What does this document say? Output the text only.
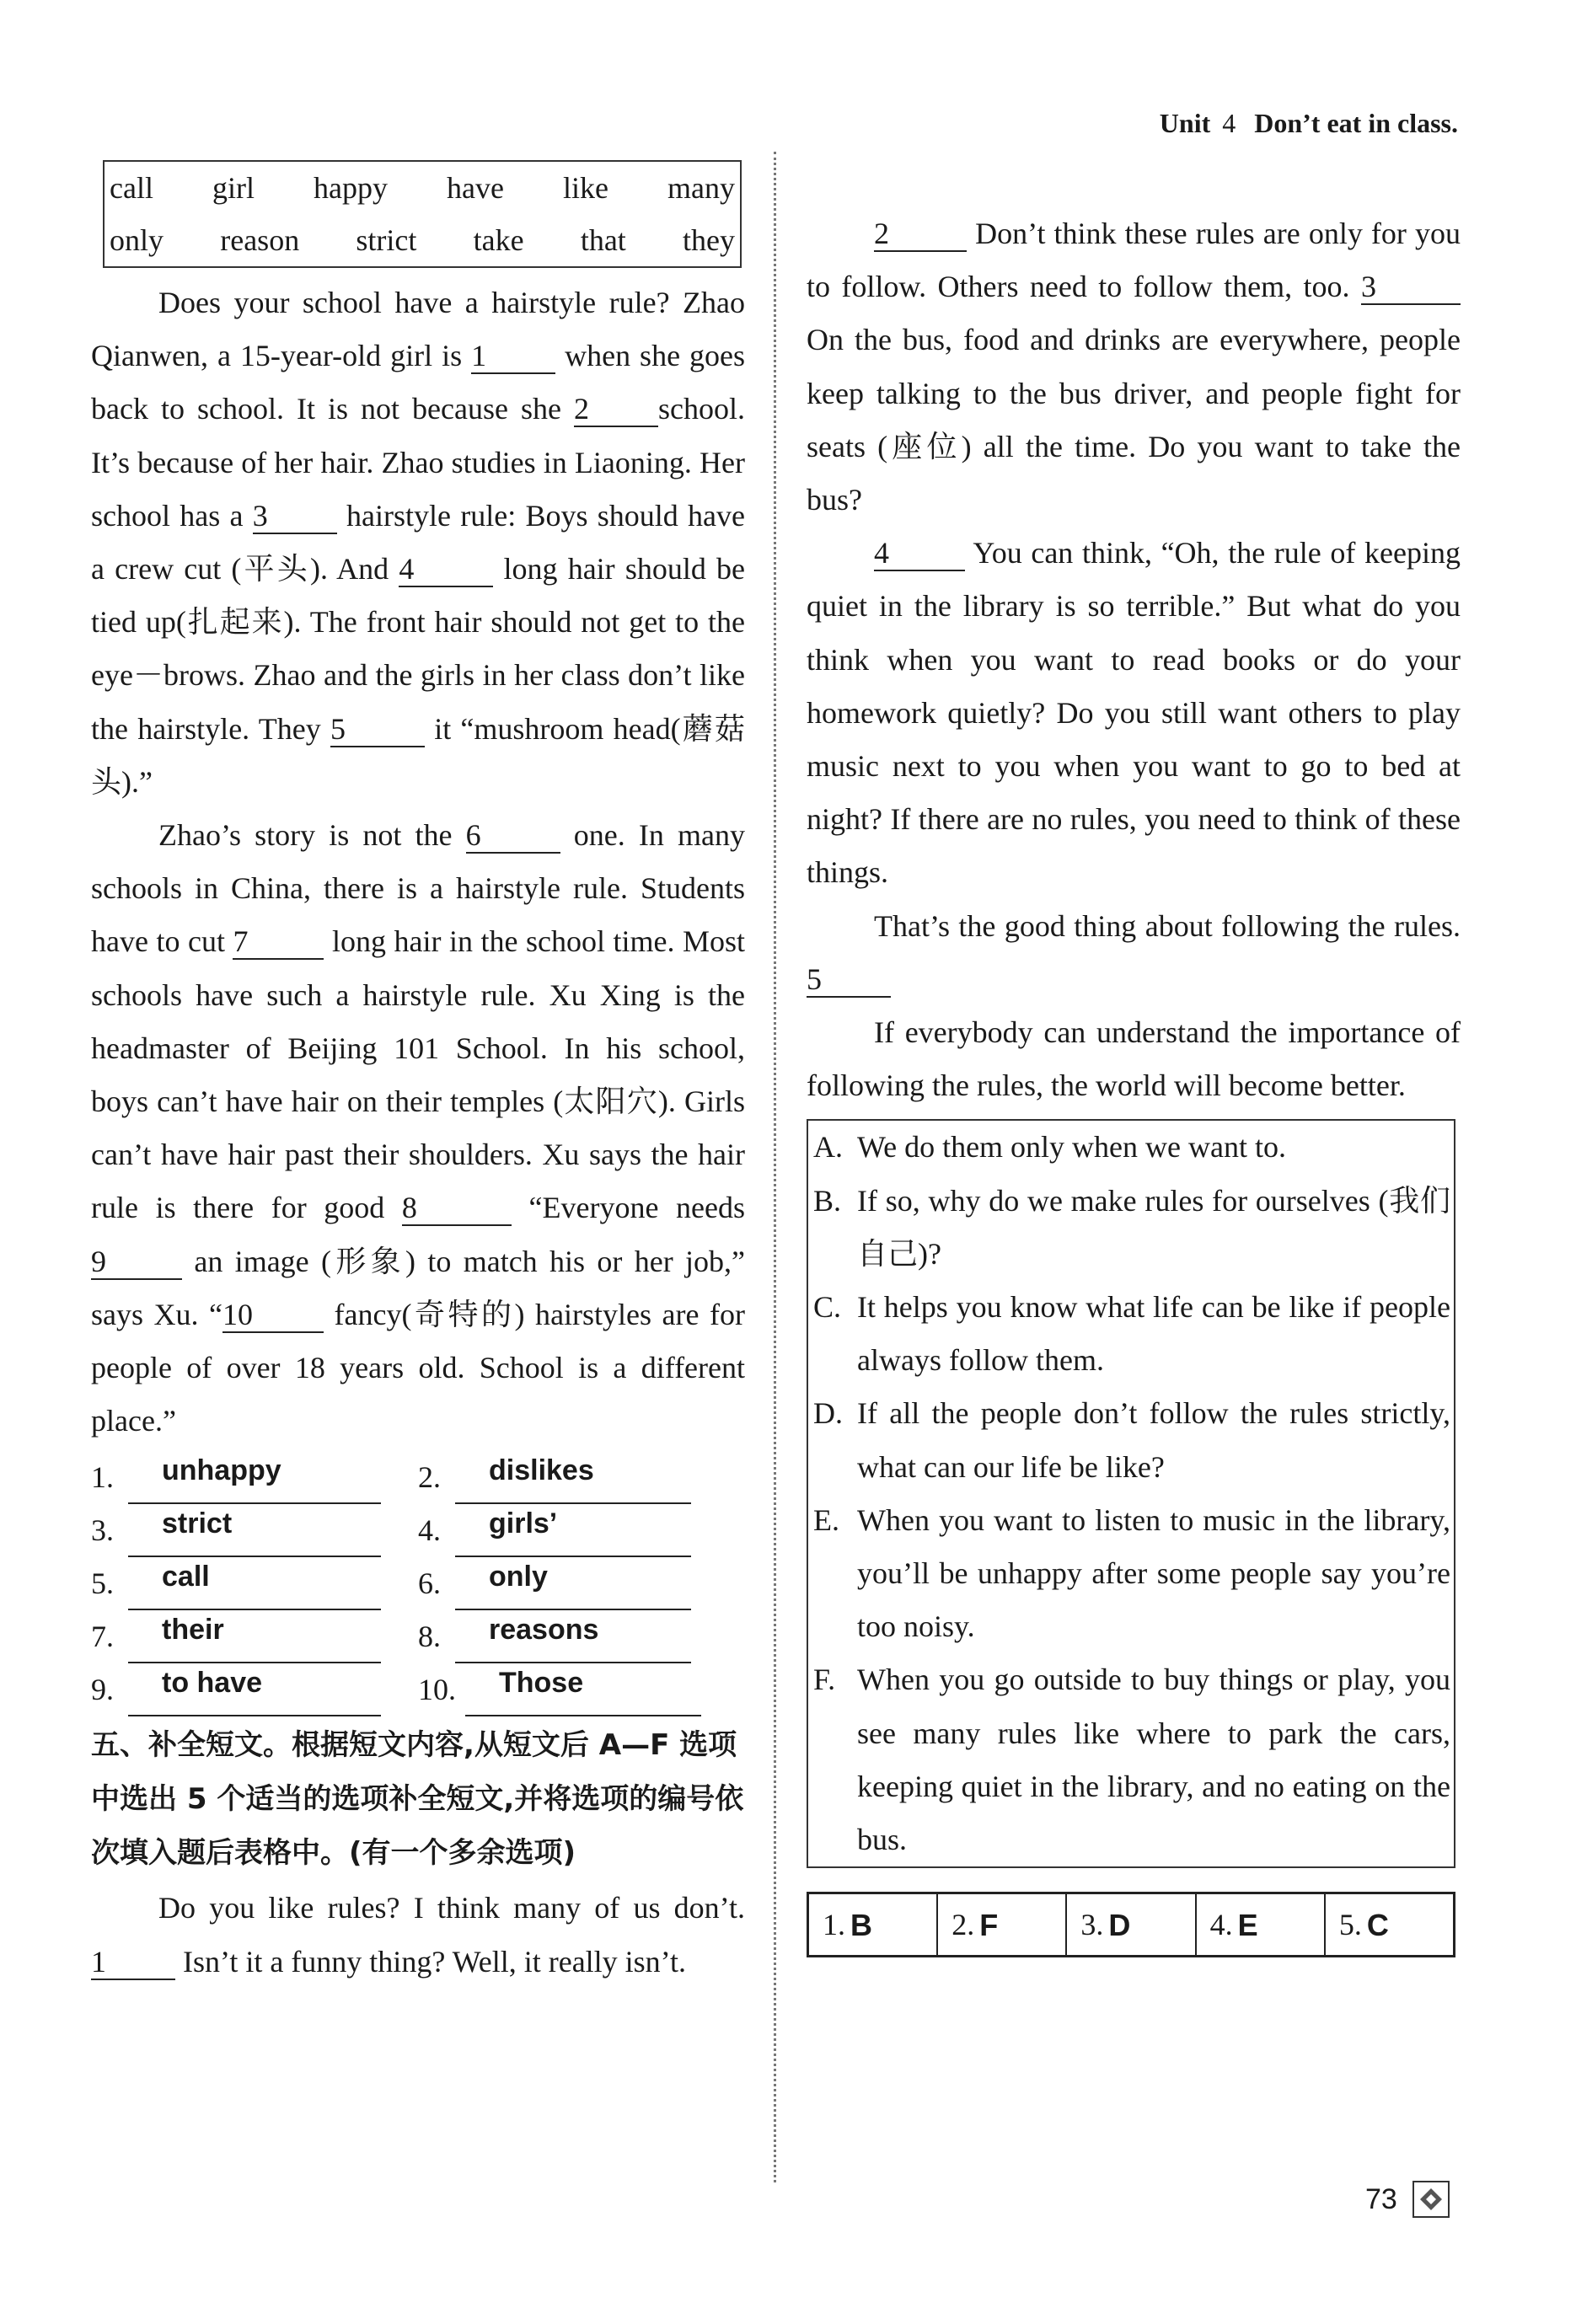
Unit 4 Don’t eat in class.
call girl happy have like many
only reason strict take that they

Does your school have a hairstyle rule? Zhao Qianwen, a 15-year-old girl is 1	when she goes back to school. It is not because she 2 school. It’s because of her hair. Zhao studies in Liaoning. Her school has a 3	hairstyle rule: Boys should have a crew cut (平头). And 4	long hair should be tied up(扎起来). The front hair should not get to the eye－brows. Zhao and the girls in her class don’t like the hairstyle. They 5	it “mushroom head(蘑菇头).”

Zhao’s story is not the 6	one. In many schools in China, there is a hairstyle rule. Students have to cut 7	long hair in the school time. Most schools have such a hairstyle rule. Xu Xing is the headmaster of Beijing 101 School. In his school, boys can’t have hair on their temples (太阳穴). Girls can’t have hair past their shoulders. Xu says the hair rule is there for good 8	“Everyone needs 9	an image (形象) to match his or her job,” says Xu. “10	fancy(奇特的) hairstyles are for people of over 18 years old. School is a different place.”

1.	unhappy	2.	dislikes
3.	strict	4.	girls’
5.	call	6.	only
7.	their	8.	reasons
9.	to have	10.	Those
五、补全短文。根据短文内容,从短文后 A—F 选项中选出 5 个适当的选项补全短文,并将选项的编号依次填入题后表格中。(有一个多余选项)

Do you like rules? I think many of us don’t. 1	Isn’t it a funny thing? Well, it really isn’t.

2	Don’t think these rules are only for you to follow. Others need to follow them, too. 3 On the bus, food and drinks are everywhere, people keep talking to the bus driver, and people fight for seats (座位) all the time. Do you want to take the bus?

4	You can think, “Oh, the rule of keeping quiet in the library is so terrible.” But what do you think when you want to read books or do your homework quietly? Do you still want others to play music next to you when you want to go to bed at night? If there are no rules, you need to think of these things.

That’s the good thing about following the rules. 5

If everybody can understand the importance of following the rules, the world will become better.

A. We do them only when we want to.
B. If so, why do we make rules for ourselves (我们自己)?
C. It helps you know what life can be like if people always follow them.
D. If all the people don’t follow the rules strictly, what can our life be like?
E. When you want to listen to music in the library, you’ll be unhappy after some people say you’re too noisy.
F. When you go outside to buy things or play, you see many rules like where to park the cars, keeping quiet in the library, and no eating on the bus.
1. B	2. F	3. D	4. E	5. C
73
